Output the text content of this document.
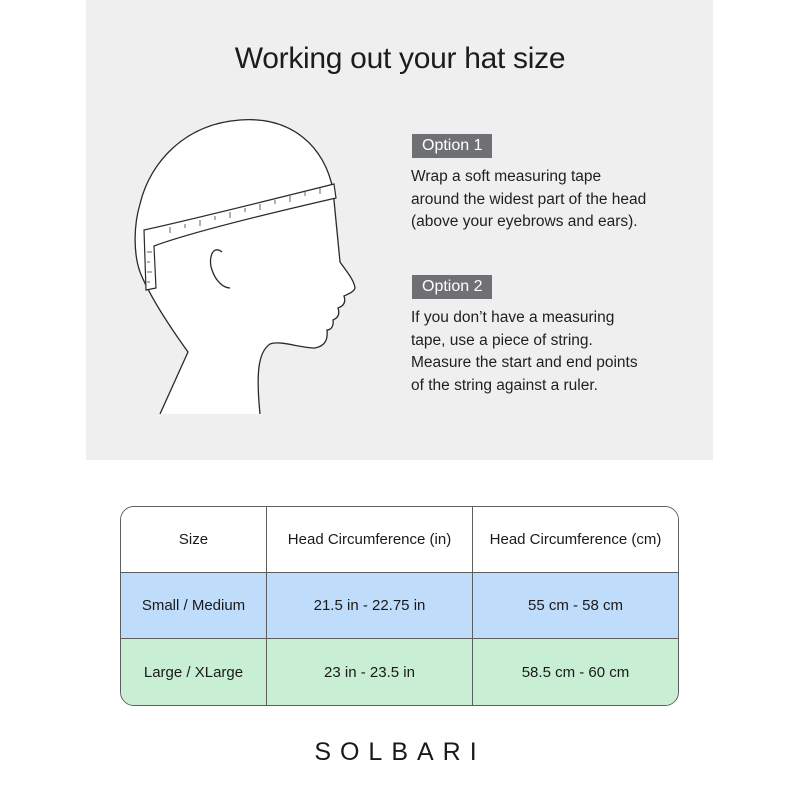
Working out your hat size
Option 1
Wrap a soft measuring tape
around the widest part of the head
(above your eyebrows and ears).
Option 2
If you don’t have a measuring
tape, use a piece of string.
Measure the start and end points
of the string against a ruler.
Size	Head Circumference (in)	Head Circumference (cm)
Small / Medium	21.5 in - 22.75 in	55 cm - 58 cm
Large / XLarge	23 in - 23.5 in	58.5 cm - 60 cm
SOLBARI
